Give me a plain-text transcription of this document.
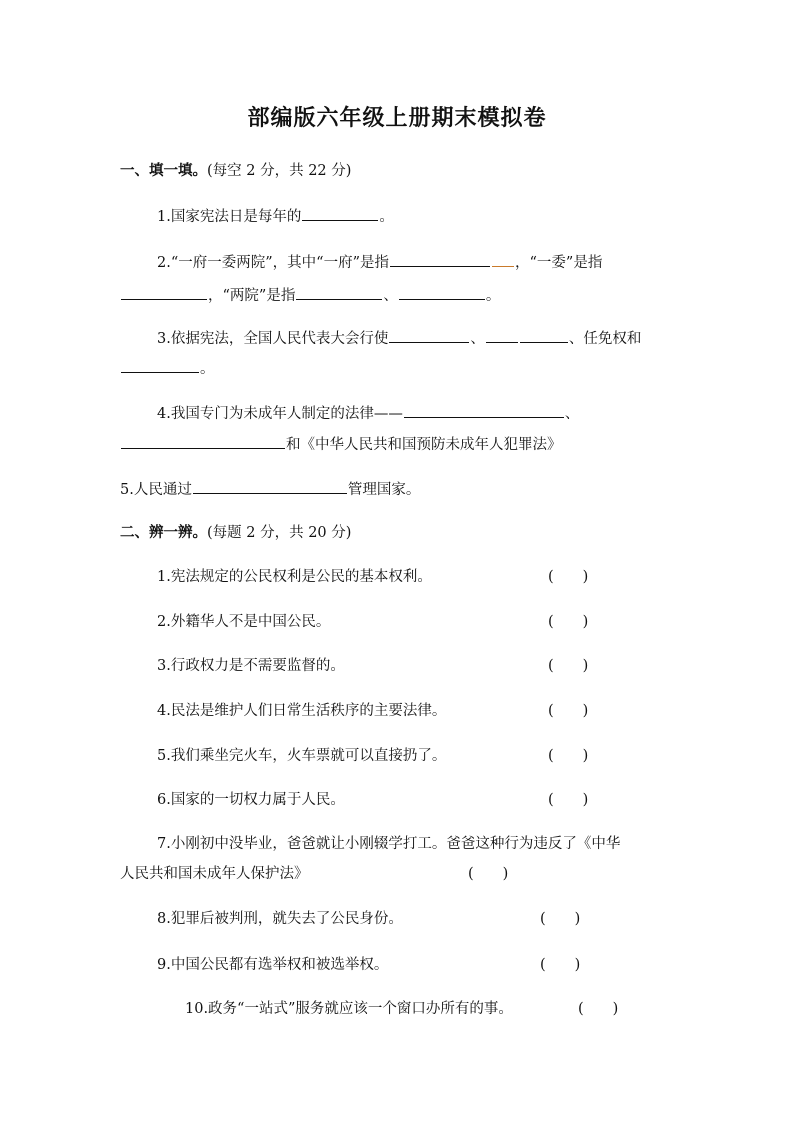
部编版六年级上册期末模拟卷
一、填一填。(每空 2 分，共 22 分)
1.国家宪法日是每年的	。
2.“一府一委两院”，其中“一府”是指	，“一委”是指
，“两院”是指	、	。
3.依据宪法，全国人民代表大会行使	、	、任免权和
。
4.我国专门为未成年人制定的法律——	、
和《中华人民共和国预防未成年人犯罪法》
5.人民通过	管理国家。
二、辨一辨。(每题 2 分，共 20 分)
1.宪法规定的公民权利是公民的基本权利。	(　　)
2.外籍华人不是中国公民。	(　　)
3.行政权力是不需要监督的。	(　　)
4.民法是维护人们日常生活秩序的主要法律。	(　　)
5.我们乘坐完火车，火车票就可以直接扔了。	(　　)
6.国家的一切权力属于人民。	(　　)
7.小刚初中没毕业，爸爸就让小刚辍学打工。爸爸这种行为违反了《中华
人民共和国未成年人保护法》	(　　)
8.犯罪后被判刑，就失去了公民身份。	(　　)
9.中国公民都有选举权和被选举权。	(　　)
10.政务“一站式”服务就应该一个窗口办所有的事。	(　　)
